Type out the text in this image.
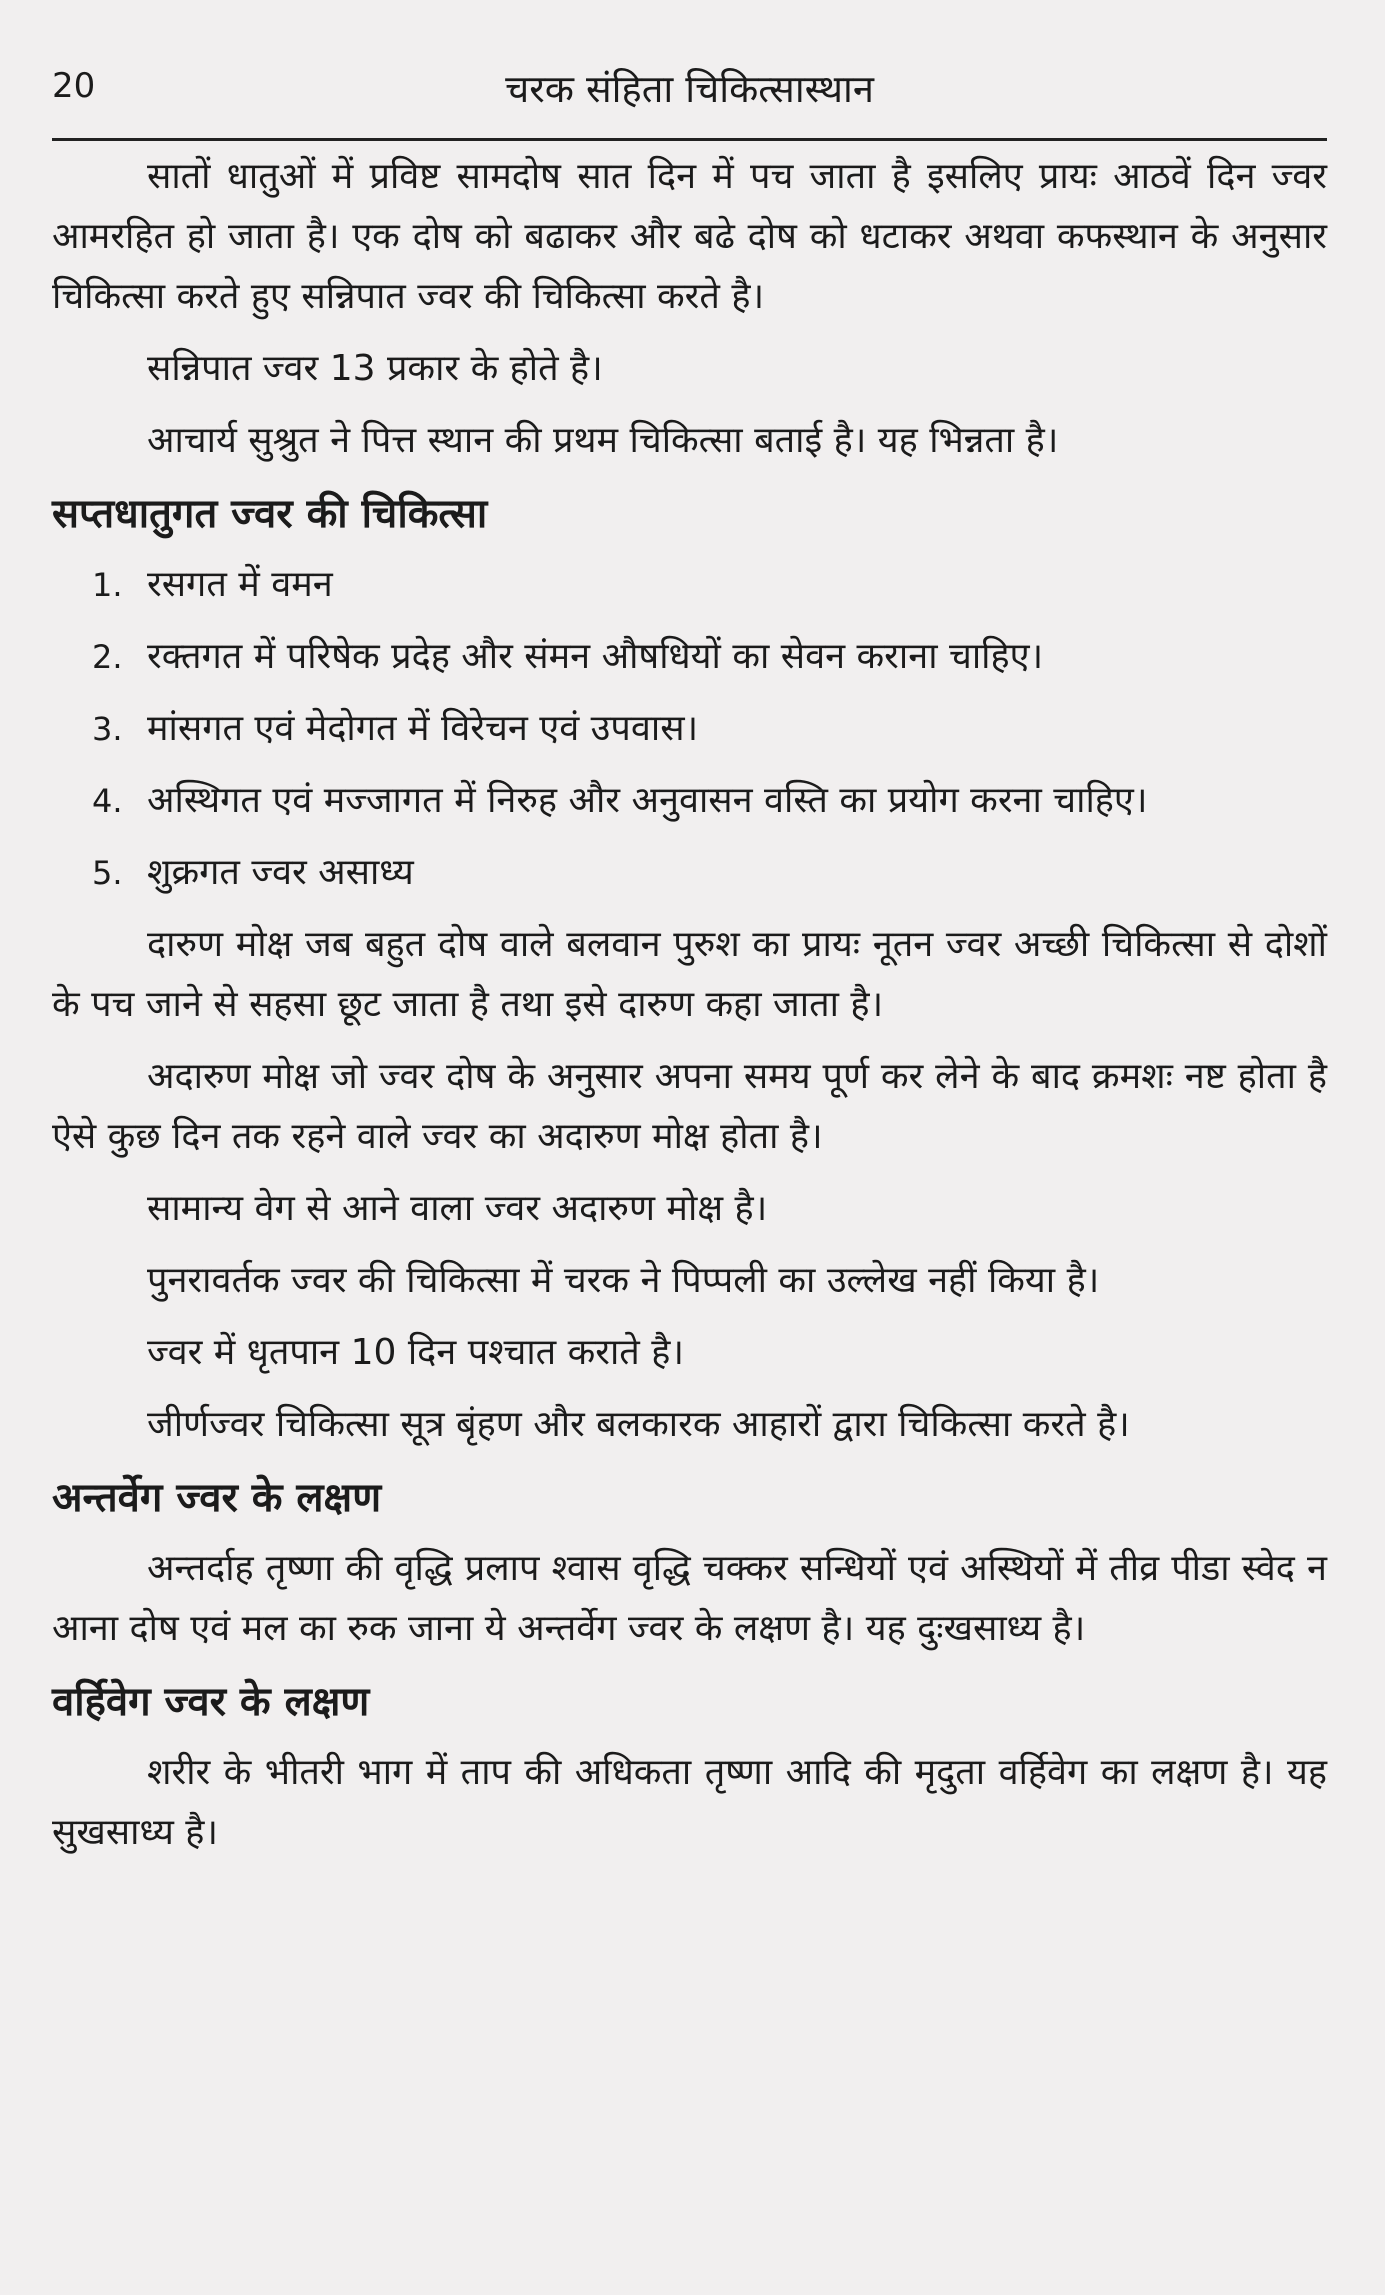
20	चरक संहिता चिकित्सास्थान

सातों धातुओं में प्रविष्ट सामदोष सात दिन में पच जाता है इसलिए प्रायः आठवें दिन ज्वर आमरहित हो जाता है। एक दोष को बढाकर और बढे दोष को धटाकर अथवा कफस्थान के अनुसार चिकित्सा करते हुए सन्निपात ज्वर की चिकित्सा करते है।

सन्निपात ज्वर 13 प्रकार के होते है।

आचार्य सुश्रुत ने पित्त स्थान की प्रथम चिकित्सा बताई है। यह भिन्नता है।

सप्तधातुगत ज्वर की चिकित्सा
1. रसगत में वमन
2. रक्तगत में परिषेक प्रदेह और संमन औषधियों का सेवन कराना चाहिए।
3. मांसगत एवं मेदोगत में विरेचन एवं उपवास।
4. अस्थिगत एवं मज्जागत में निरुह और अनुवासन वस्ति का प्रयोग करना चाहिए।
5. शुक्रगत ज्वर असाध्य

दारुण मोक्ष जब बहुत दोष वाले बलवान पुरुश का प्रायः नूतन ज्वर अच्छी चिकित्सा से दोशों के पच जाने से सहसा छूट जाता है तथा इसे दारुण कहा जाता है।

अदारुण मोक्ष जो ज्वर दोष के अनुसार अपना समय पूर्ण कर लेने के बाद क्रमशः नष्ट होता है ऐसे कुछ दिन तक रहने वाले ज्वर का अदारुण मोक्ष होता है।

सामान्य वेग से आने वाला ज्वर अदारुण मोक्ष है।

पुनरावर्तक ज्वर की चिकित्सा में चरक ने पिप्पली का उल्लेख नहीं किया है।

ज्वर में धृतपान 10 दिन पश्चात कराते है।

जीर्णज्वर चिकित्सा सूत्र बृंहण और बलकारक आहारों द्वारा चिकित्सा करते है।

अन्तर्वेग ज्वर के लक्षण

अन्तर्दाह तृष्णा की वृद्धि प्रलाप श्वास वृद्धि चक्कर सन्धियों एवं अस्थियों में तीव्र पीडा स्वेद न आना दोष एवं मल का रुक जाना ये अन्तर्वेग ज्वर के लक्षण है। यह दुःखसाध्य है।

वर्हिवेग ज्वर के लक्षण

शरीर के भीतरी भाग में ताप की अधिकता तृष्णा आदि की मृदुता वर्हिवेग का लक्षण है। यह सुखसाध्य है।
